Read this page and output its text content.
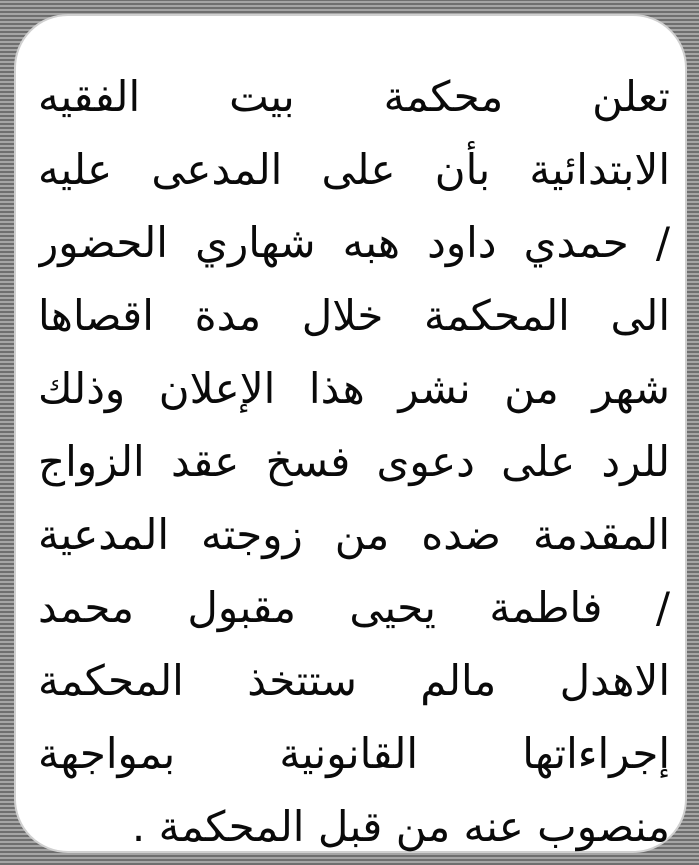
تعلن محكمة بيت الفقيه
الابتدائية بأن على المدعى عليه
/ حمدي داود هبه شهاري الحضور
الى المحكمة خلال مدة اقصاها
شهر من نشر هذا الإعلان وذلك
للرد على دعوى فسخ عقد الزواج
المقدمة ضده من زوجته المدعية
/ فاطمة يحيى مقبول محمد
الاهدل مالم ستتخذ المحكمة
إجراءاتها القانونية بمواجهة
منصوب عنه من قبل المحكمة .
